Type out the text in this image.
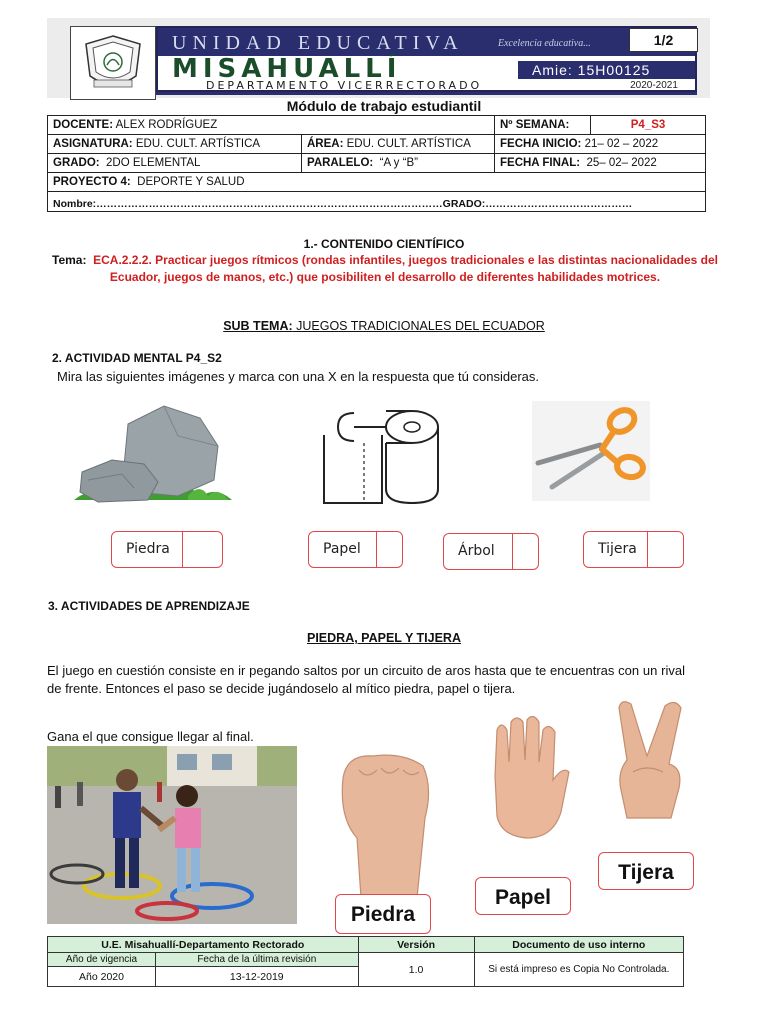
UNIDAD EDUCATIVA	Excelencia educativa...
MISAHUALLÍ	Amie: 15H00125
DEPARTAMENTO VICERRECTORADO	2020-2021
1/2
Módulo de trabajo estudiantil
DOCENTE: ALEX RODRÍGUEZ		Nº SEMANA:	P4_S3
ASIGNATURA: EDU. CULT. ARTÍSTICA	ÁREA: EDU. CULT. ARTÍSTICA	FECHA INICIO: 21– 02 – 2022	
GRADO: 2DO ELEMENTAL	PARALELO: “A y “B”	FECHA FINAL: 25– 02– 2022	
PROYECTO 4: DEPORTE Y SALUD			
Nombre:………………………………………………………………………………………GRADO:……………………………………			
1.- CONTENIDO CIENTÍFICO
Tema: ECA.2.2.2. Practicar juegos rítmicos (rondas infantiles, juegos tradicionales e las distintas nacionalidades del Ecuador, juegos de manos, etc.) que posibiliten el desarrollo de diferentes habilidades motrices.
SUB TEMA: JUEGOS TRADICIONALES DEL ECUADOR
2. ACTIVIDAD MENTAL P4_S2
Mira las siguientes imágenes y marca con una X en la respuesta que tú consideras.
Piedra	Papel	Árbol	Tijera
3. ACTIVIDADES DE APRENDIZAJE
PIEDRA, PAPEL Y TIJERA
El juego en cuestión consiste en ir pegando saltos por un circuito de aros hasta que te encuentras con un rival de frente. Entonces el paso se decide jugándoselo al mítico piedra, papel o tijera.
Gana el que consigue llegar al final.
Piedra
Papel
Tijera
U.E. Misahuallí-Departamento Rectorado		Versión	Documento de uso interno
Año de vigencia	Fecha de la última revisión	1.0	Si está impreso es Copia No Controlada.
Año 2020	13-12-2019		
